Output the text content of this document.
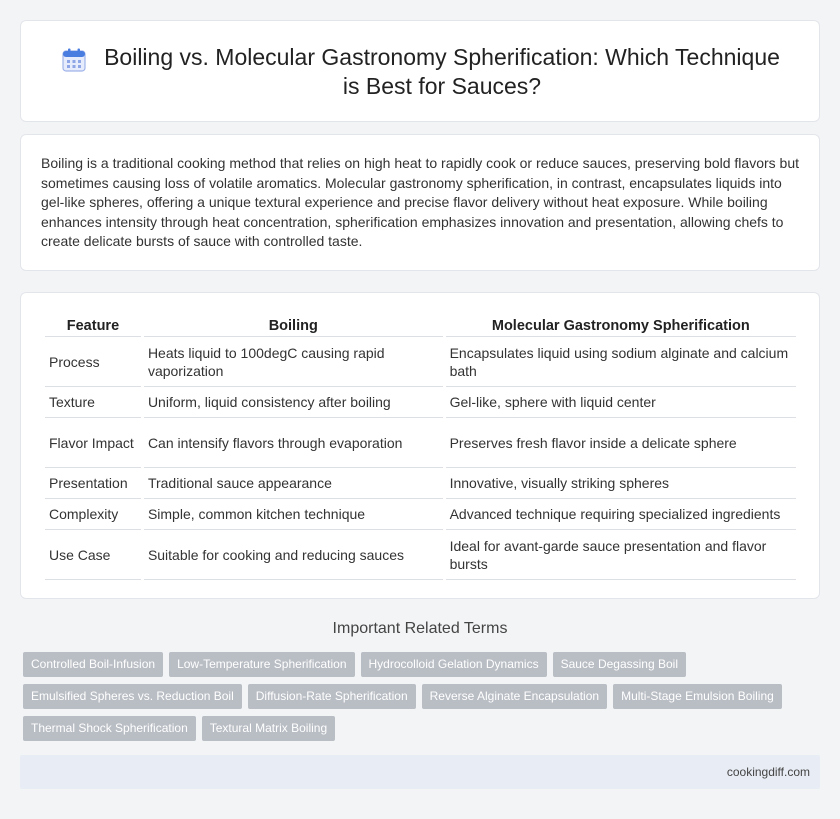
Boiling vs. Molecular Gastronomy Spherification: Which Technique is Best for Sauces?

Boiling is a traditional cooking method that relies on high heat to rapidly cook or reduce sauces, preserving bold flavors but sometimes causing loss of volatile aromatics. Molecular gastronomy spherification, in contrast, encapsulates liquids into gel-like spheres, offering a unique textural experience and precise flavor delivery without heat exposure. While boiling enhances intensity through heat concentration, spherification emphasizes innovation and presentation, allowing chefs to create delicate bursts of sauce with controlled taste.

Feature	Boiling	Molecular Gastronomy Spherification
Process	Heats liquid to 100degC causing rapid vaporization	Encapsulates liquid using sodium alginate and calcium bath
Texture	Uniform, liquid consistency after boiling	Gel-like, sphere with liquid center
Flavor Impact	Can intensify flavors through evaporation	Preserves fresh flavor inside a delicate sphere
Presentation	Traditional sauce appearance	Innovative, visually striking spheres
Complexity	Simple, common kitchen technique	Advanced technique requiring specialized ingredients
Use Case	Suitable for cooking and reducing sauces	Ideal for avant-garde sauce presentation and flavor bursts
Important Related Terms
Controlled Boil-Infusion	Low-Temperature Spherification	Hydrocolloid Gelation Dynamics	Sauce Degassing Boil
Emulsified Spheres vs. Reduction Boil	Diffusion-Rate Spherification	Reverse Alginate Encapsulation	Multi-Stage Emulsion Boiling
Thermal Shock Spherification	Textural Matrix Boiling
cookingdiff.com
